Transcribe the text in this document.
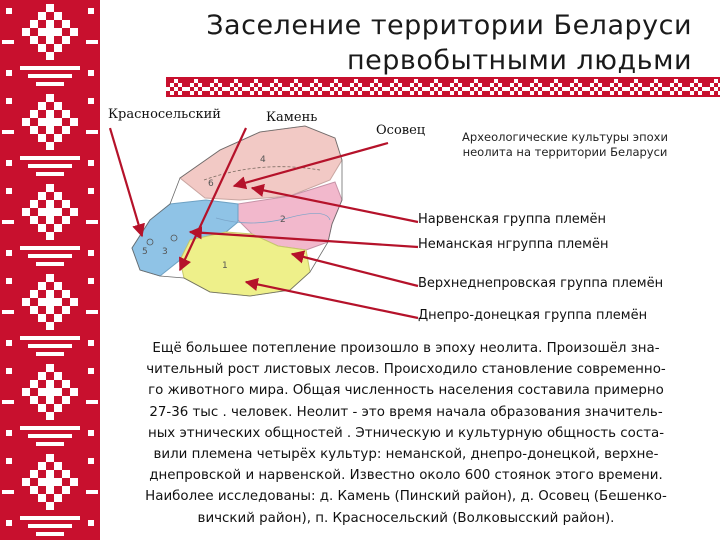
Заселение территории Беларуси
первобытными людьми
Красносельский	Камень
Осовец
6
4
2
5 3
1
Археологические культуры эпохи неолита на территории Беларуси
Нарвенская группа племён
Неманская нгруппа племён
Верхнеднепровская группа племён
Днепро-донецкая группа племён

Ещё большее потепление произошло в эпоху неолита. Произошёл зна-

чительный рост листовых лесов. Происходило становление современно-

го животного мира. Общая численность населения составила примерно

27-36 тыс . человек. Неолит - это время начала образования значитель-

ных этнических общностей . Этническую и культурную общность соста-

вили племена четырёх культур: неманской, днепро-донецкой, верхне-

днепровской и нарвенской. Известно около 600 стоянок этого времени.

Наиболее исследованы: д. Камень (Пинский район), д. Осовец (Бешенко-

вичский район), п. Красносельский (Волковысский район).
